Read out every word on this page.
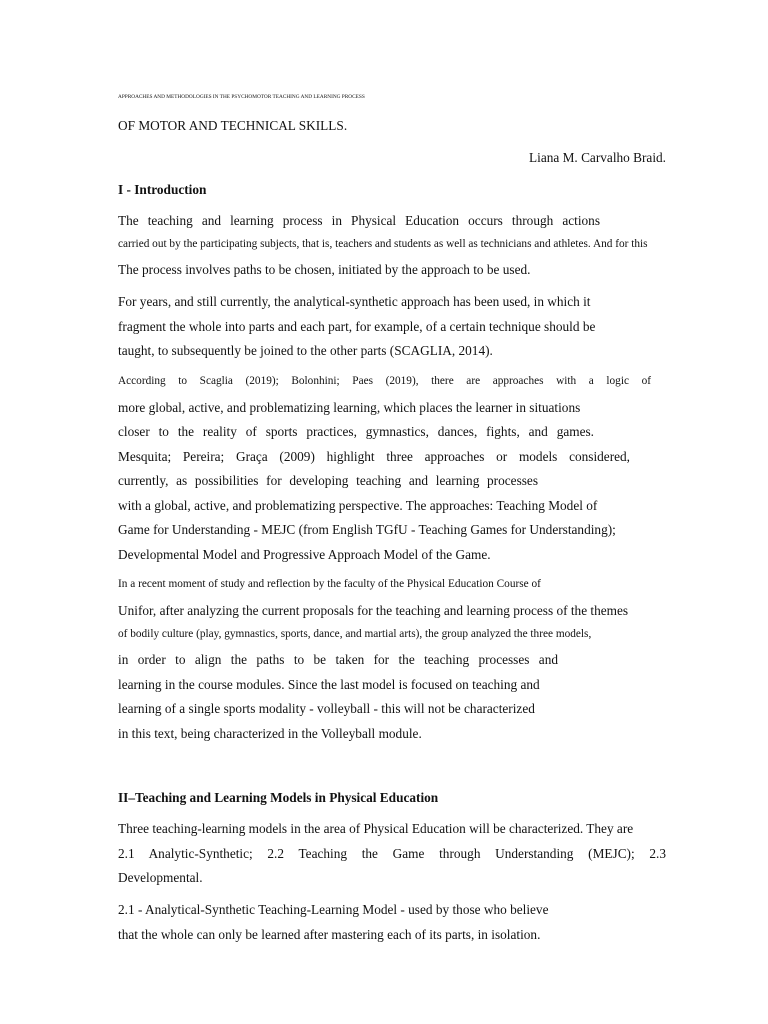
APPROACHES AND METHODOLOGIES IN THE PSYCHOMOTOR TEACHING AND LEARNING PROCESS
OF MOTOR AND TECHNICAL SKILLS.
Liana M. Carvalho Braid.
I - Introduction
The teaching and learning process in Physical Education occurs through actions
carried out by the participating subjects, that is, teachers and students as well as technicians and athletes. And for this
The process involves paths to be chosen, initiated by the approach to be used.
For years, and still currently, the analytical-synthetic approach has been used, in which it
fragment the whole into parts and each part, for example, of a certain technique should be
taught, to subsequently be joined to the other parts (SCAGLIA, 2014).
According to Scaglia (2019); Bolonhini; Paes (2019), there are approaches with a logic of
more global, active, and problematizing learning, which places the learner in situations
closer to the reality of sports practices, gymnastics, dances, fights, and games.
Mesquita; Pereira; Graça (2009) highlight three approaches or models considered,
currently, as possibilities for developing teaching and learning processes
with a global, active, and problematizing perspective. The approaches: Teaching Model of
Game for Understanding - MEJC (from English TGfU - Teaching Games for Understanding);
Developmental Model and Progressive Approach Model of the Game.
In a recent moment of study and reflection by the faculty of the Physical Education Course of
Unifor, after analyzing the current proposals for the teaching and learning process of the themes
of bodily culture (play, gymnastics, sports, dance, and martial arts), the group analyzed the three models,
in order to align the paths to be taken for the teaching processes and
learning in the course modules. Since the last model is focused on teaching and
learning of a single sports modality - volleyball - this will not be characterized
in this text, being characterized in the Volleyball module.
II–Teaching and Learning Models in Physical Education
Three teaching-learning models in the area of Physical Education will be characterized. They are
2.1 Analytic-Synthetic; 2.2 Teaching the Game through Understanding (MEJC); 2.3
Developmental.
2.1 - Analytical-Synthetic Teaching-Learning Model - used by those who believe
that the whole can only be learned after mastering each of its parts, in isolation.
